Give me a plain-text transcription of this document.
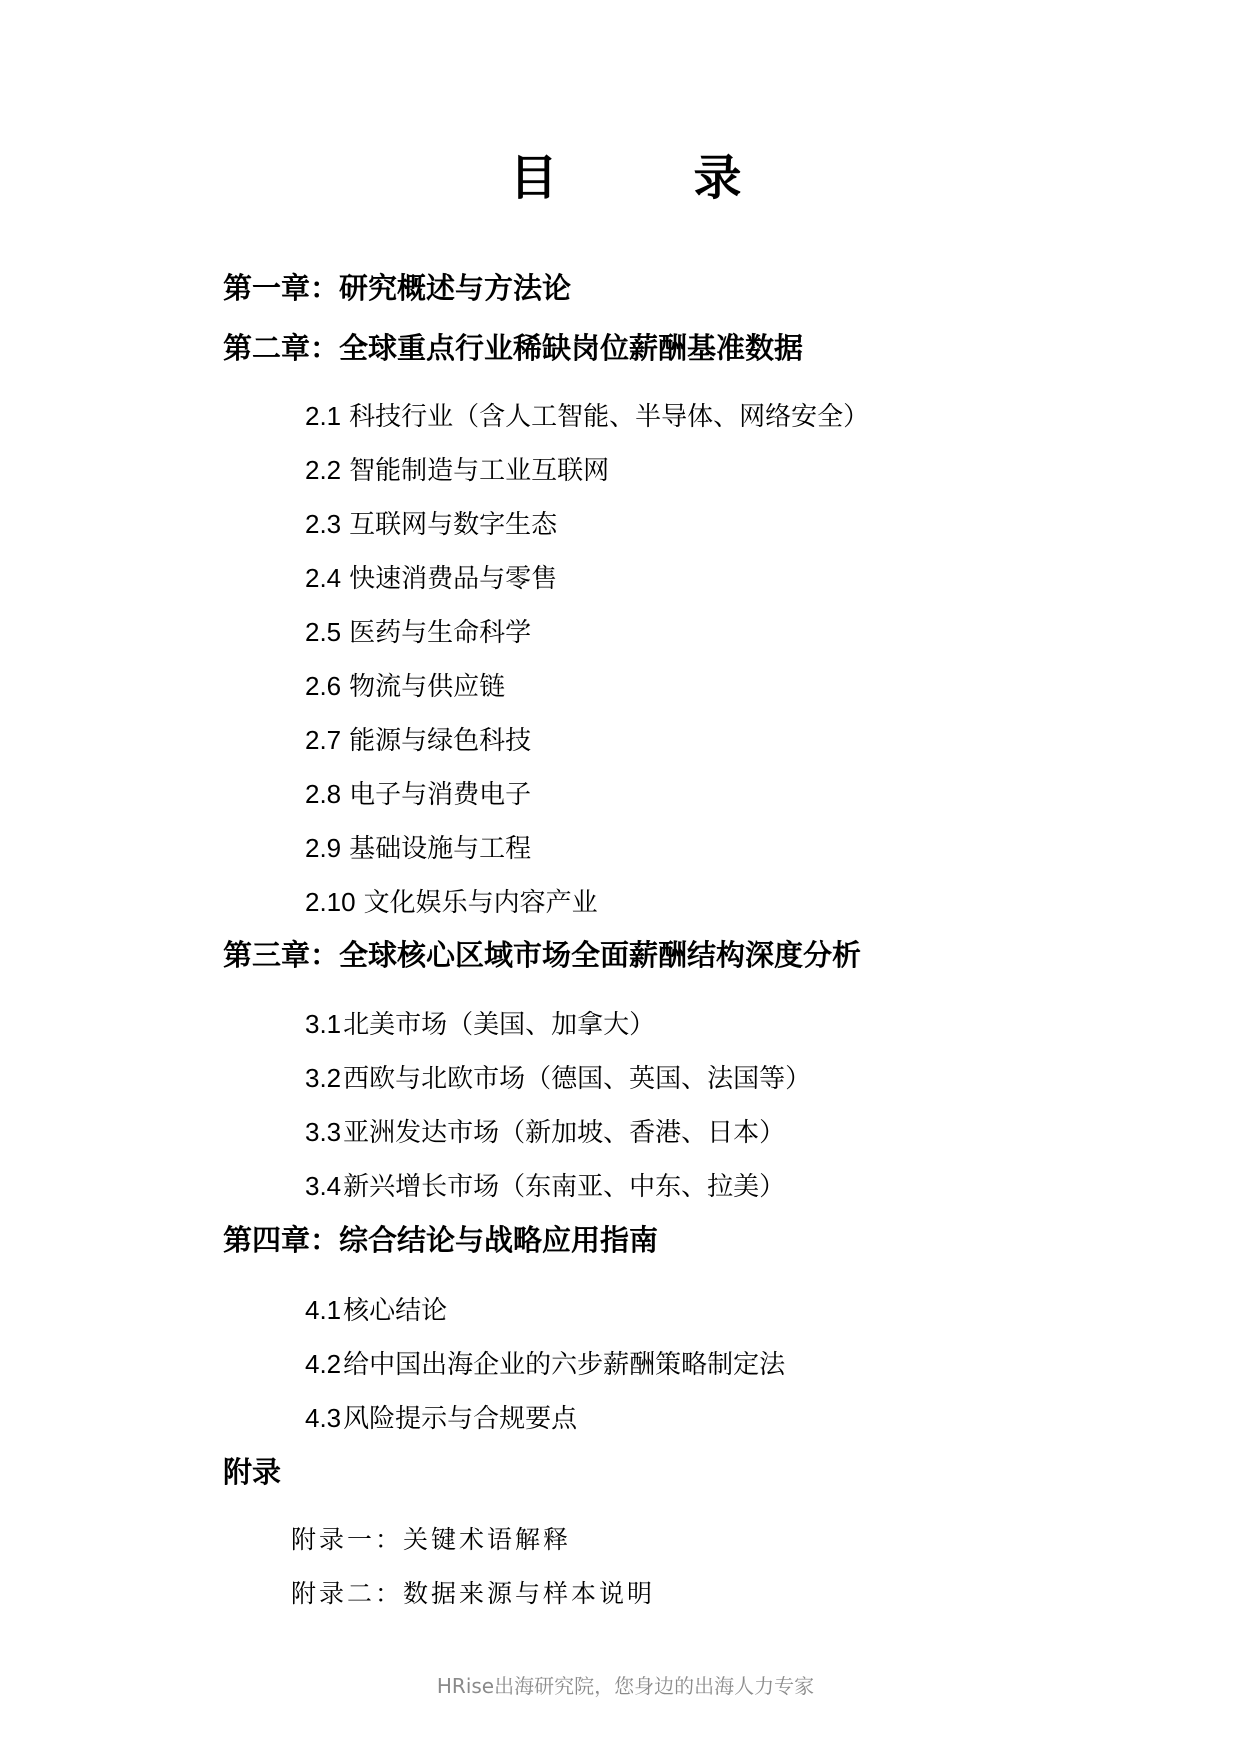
目　录
第一章：研究概述与方法论
第二章：全球重点行业稀缺岗位薪酬基准数据
2.1 科技行业（含人工智能、半导体、网络安全）
2.2 智能制造与工业互联网
2.3 互联网与数字生态
2.4 快速消费品与零售
2.5 医药与生命科学
2.6 物流与供应链
2.7 能源与绿色科技
2.8 电子与消费电子
2.9 基础设施与工程
2.10 文化娱乐与内容产业
第三章：全球核心区域市场全面薪酬结构深度分析
3.1北美市场（美国、加拿大）
3.2西欧与北欧市场（德国、英国、法国等）
3.3亚洲发达市场（新加坡、香港、日本）
3.4新兴增长市场（东南亚、中东、拉美）
第四章：综合结论与战略应用指南
4.1核心结论
4.2给中国出海企业的六步薪酬策略制定法
4.3风险提示与合规要点
附录
附录一：关键术语解释
附录二：数据来源与样本说明
HRise出海研究院，您身边的出海人力专家
